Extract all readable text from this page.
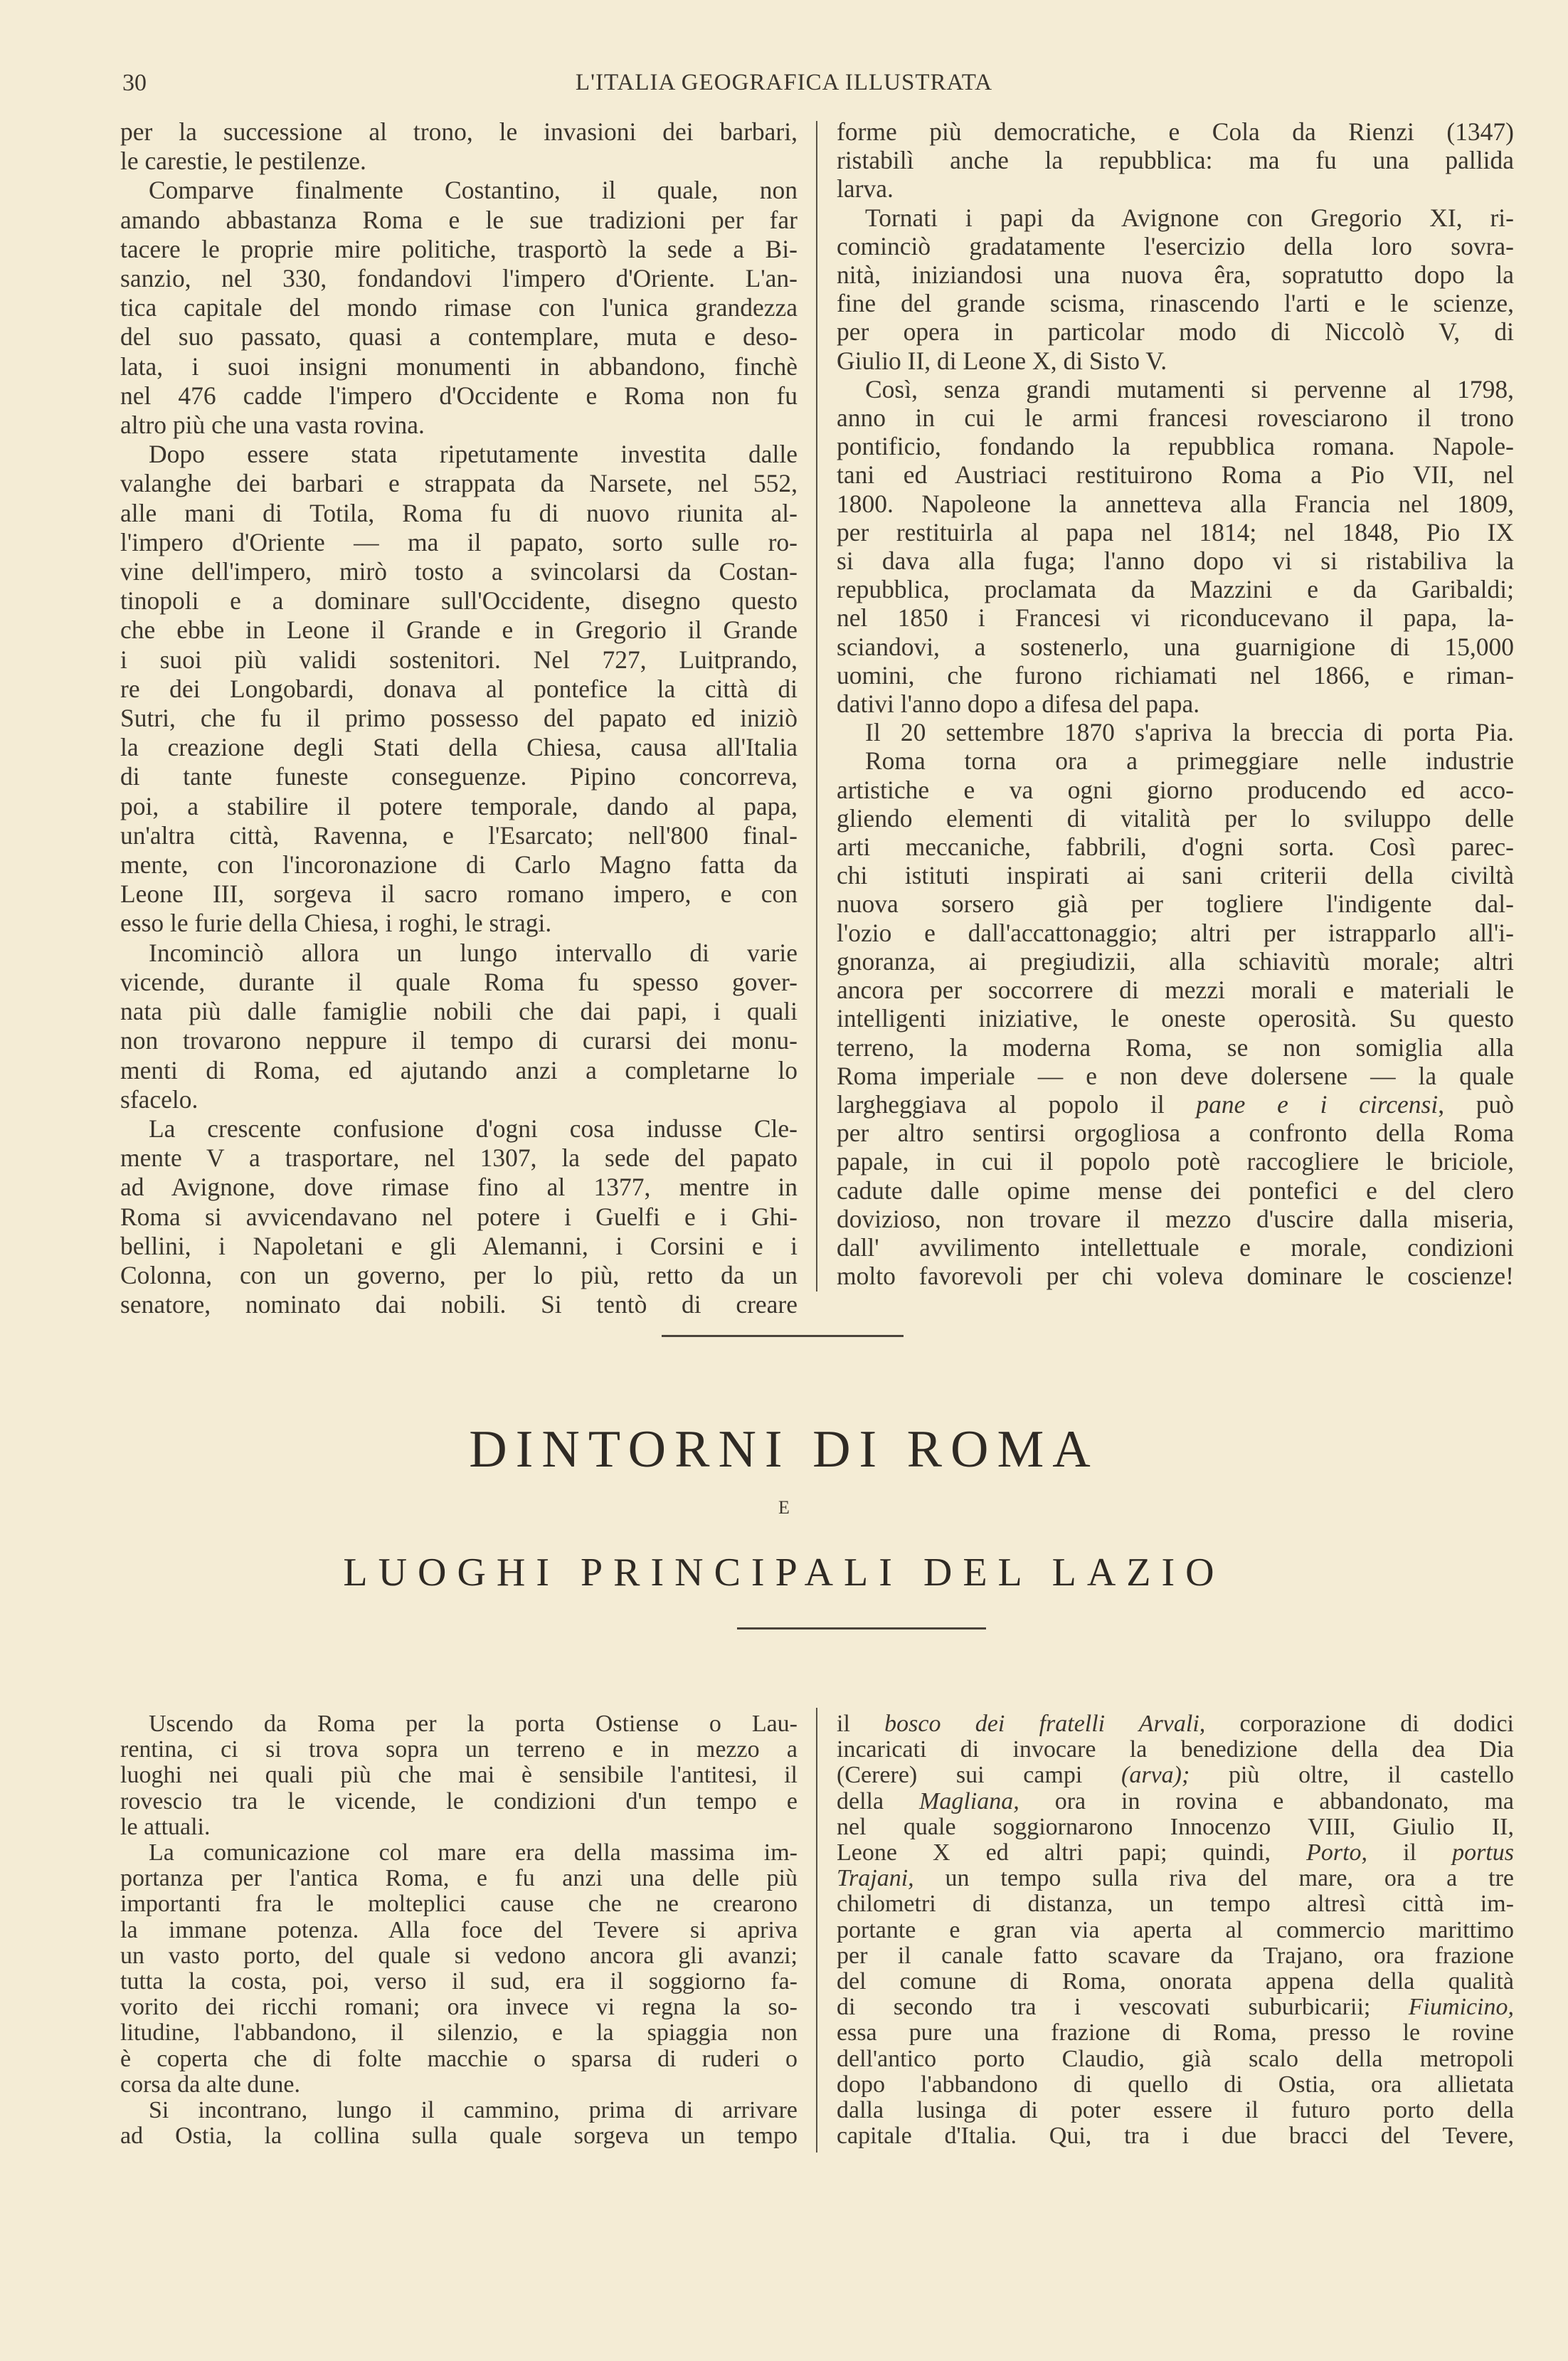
30	L'ITALIA GEOGRAFICA ILLUSTRATA
per la successione al trono, le invasioni dei barbari,
le carestie, le pestilenze.
Comparve finalmente Costantino, il quale, non
amando abbastanza Roma e le sue tradizioni per far
tacere le proprie mire politiche, trasportò la sede a Bi-
sanzio, nel 330, fondandovi l'impero d'Oriente. L'an-
tica capitale del mondo rimase con l'unica grandezza
del suo passato, quasi a contemplare, muta e deso-
lata, i suoi insigni monumenti in abbandono, finchè
nel 476 cadde l'impero d'Occidente e Roma non fu
altro più che una vasta rovina.
Dopo essere stata ripetutamente investita dalle
valanghe dei barbari e strappata da Narsete, nel 552,
alle mani di Totila, Roma fu di nuovo riunita al-
l'impero d'Oriente — ma il papato, sorto sulle ro-
vine dell'impero, mirò tosto a svincolarsi da Costan-
tinopoli e a dominare sull'Occidente, disegno questo
che ebbe in Leone il Grande e in Gregorio il Grande
i suoi più validi sostenitori. Nel 727, Luitprando,
re dei Longobardi, donava al pontefice la città di
Sutri, che fu il primo possesso del papato ed iniziò
la creazione degli Stati della Chiesa, causa all'Italia
di tante funeste conseguenze. Pipino concorreva,
poi, a stabilire il potere temporale, dando al papa,
un'altra città, Ravenna, e l'Esarcato; nell'800 final-
mente, con l'incoronazione di Carlo Magno fatta da
Leone III, sorgeva il sacro romano impero, e con
esso le furie della Chiesa, i roghi, le stragi.
Incominciò allora un lungo intervallo di varie
vicende, durante il quale Roma fu spesso gover-
nata più dalle famiglie nobili che dai papi, i quali
non trovarono neppure il tempo di curarsi dei monu-
menti di Roma, ed ajutando anzi a completarne lo
sfacelo.
La crescente confusione d'ogni cosa indusse Cle-
mente V a trasportare, nel 1307, la sede del papato
ad Avignone, dove rimase fino al 1377, mentre in
Roma si avvicendavano nel potere i Guelfi e i Ghi-
bellini, i Napoletani e gli Alemanni, i Corsini e i
Colonna, con un governo, per lo più, retto da un
senatore, nominato dai nobili. Si tentò di creare
forme più democratiche, e Cola da Rienzi (1347)
ristabilì anche la repubblica: ma fu una pallida
larva.
Tornati i papi da Avignone con Gregorio XI, ri-
cominciò gradatamente l'esercizio della loro sovra-
nità, iniziandosi una nuova êra, sopratutto dopo la
fine del grande scisma, rinascendo l'arti e le scienze,
per opera in particolar modo di Niccolò V, di
Giulio II, di Leone X, di Sisto V.
Così, senza grandi mutamenti si pervenne al 1798,
anno in cui le armi francesi rovesciarono il trono
pontificio, fondando la repubblica romana. Napole-
tani ed Austriaci restituirono Roma a Pio VII, nel
1800. Napoleone la annetteva alla Francia nel 1809,
per restituirla al papa nel 1814; nel 1848, Pio IX
si dava alla fuga; l'anno dopo vi si ristabiliva la
repubblica, proclamata da Mazzini e da Garibaldi;
nel 1850 i Francesi vi riconducevano il papa, la-
sciandovi, a sostenerlo, una guarnigione di 15,000
uomini, che furono richiamati nel 1866, e riman-
dativi l'anno dopo a difesa del papa.
Il 20 settembre 1870 s'apriva la breccia di porta Pia.
Roma torna ora a primeggiare nelle industrie
artistiche e va ogni giorno producendo ed acco-
gliendo elementi di vitalità per lo sviluppo delle
arti meccaniche, fabbrili, d'ogni sorta. Così parec-
chi istituti inspirati ai sani criterii della civiltà
nuova sorsero già per togliere l'indigente dal-
l'ozio e dall'accattonaggio; altri per istrapparlo all'i-
gnoranza, ai pregiudizii, alla schiavitù morale; altri
ancora per soccorrere di mezzi morali e materiali le
intelligenti iniziative, le oneste operosità. Su questo
terreno, la moderna Roma, se non somiglia alla
Roma imperiale — e non deve dolersene — la quale
largheggiava al popolo il pane e i circensi, può
per altro sentirsi orgogliosa a confronto della Roma
papale, in cui il popolo potè raccogliere le briciole,
cadute dalle opime mense dei pontefici e del clero
dovizioso, non trovare il mezzo d'uscire dalla miseria,
dall' avvilimento intellettuale e morale, condizioni
molto favorevoli per chi voleva dominare le coscienze!
DINTORNI DI ROMA
E
LUOGHI PRINCIPALI DEL LAZIO
Uscendo da Roma per la porta Ostiense o Lau-
rentina, ci si trova sopra un terreno e in mezzo a
luoghi nei quali più che mai è sensibile l'antitesi, il
rovescio tra le vicende, le condizioni d'un tempo e
le attuali.
La comunicazione col mare era della massima im-
portanza per l'antica Roma, e fu anzi una delle più
importanti fra le molteplici cause che ne crearono
la immane potenza. Alla foce del Tevere si apriva
un vasto porto, del quale si vedono ancora gli avanzi;
tutta la costa, poi, verso il sud, era il soggiorno fa-
vorito dei ricchi romani; ora invece vi regna la so-
litudine, l'abbandono, il silenzio, e la spiaggia non
è coperta che di folte macchie o sparsa di ruderi o
corsa da alte dune.
Si incontrano, lungo il cammino, prima di arrivare
ad Ostia, la collina sulla quale sorgeva un tempo
il bosco dei fratelli Arvali, corporazione di dodici
incaricati di invocare la benedizione della dea Dia
(Cerere) sui campi (arva); più oltre, il castello
della Magliana, ora in rovina e abbandonato, ma
nel quale soggiornarono Innocenzo VIII, Giulio II,
Leone X ed altri papi; quindi, Porto, il portus
Trajani, un tempo sulla riva del mare, ora a tre
chilometri di distanza, un tempo altresì città im-
portante e gran via aperta al commercio marittimo
per il canale fatto scavare da Trajano, ora frazione
del comune di Roma, onorata appena della qualità
di secondo tra i vescovati suburbicarii; Fiumicino,
essa pure una frazione di Roma, presso le rovine
dell'antico porto Claudio, già scalo della metropoli
dopo l'abbandono di quello di Ostia, ora allietata
dalla lusinga di poter essere il futuro porto della
capitale d'Italia. Qui, tra i due bracci del Tevere,
